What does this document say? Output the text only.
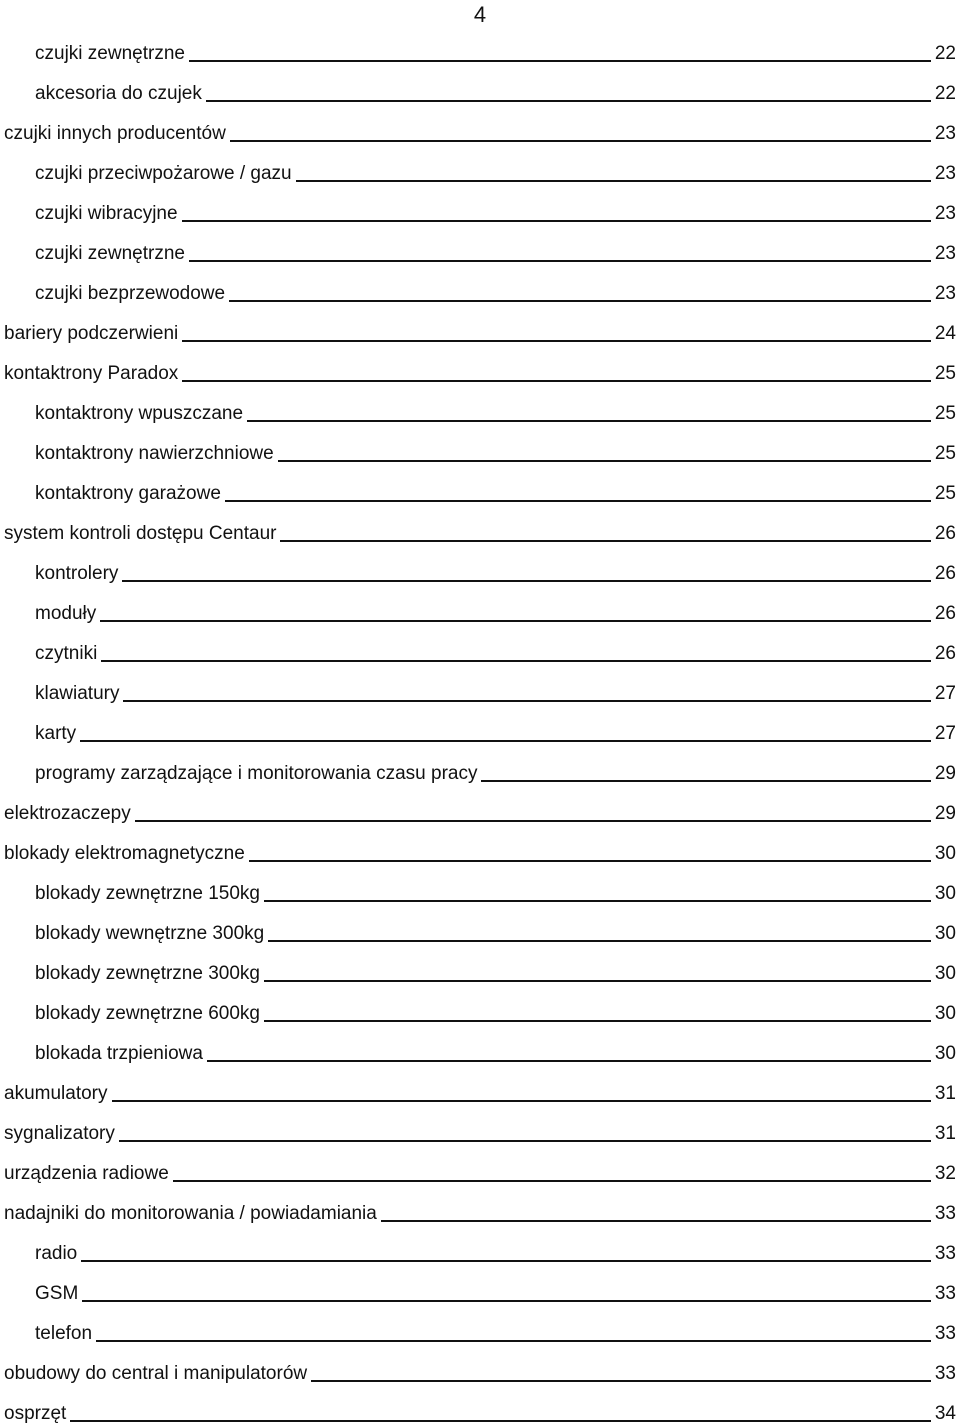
4
czujki zewnętrzne	22
akcesoria do czujek	22
czujki innych producentów	23
czujki przeciwpożarowe / gazu	23
czujki wibracyjne	23
czujki zewnętrzne	23
czujki bezprzewodowe	23
bariery podczerwieni	24
kontaktrony Paradox	25
kontaktrony wpuszczane	25
kontaktrony nawierzchniowe	25
kontaktrony garażowe	25
system kontroli dostępu Centaur	26
kontrolery	26
moduły	26
czytniki	26
klawiatury	27
karty	27
programy zarządzające i monitorowania czasu pracy	29
elektrozaczepy	29
blokady elektromagnetyczne	30
blokady zewnętrzne 150kg	30
blokady wewnętrzne 300kg	30
blokady zewnętrzne 300kg	30
blokady zewnętrzne 600kg	30
blokada trzpieniowa	30
akumulatory	31
sygnalizatory	31
urządzenia radiowe	32
nadajniki do monitorowania / powiadamiania	33
radio	33
GSM	33
telefon	33
obudowy do central i manipulatorów	33
osprzęt	34
